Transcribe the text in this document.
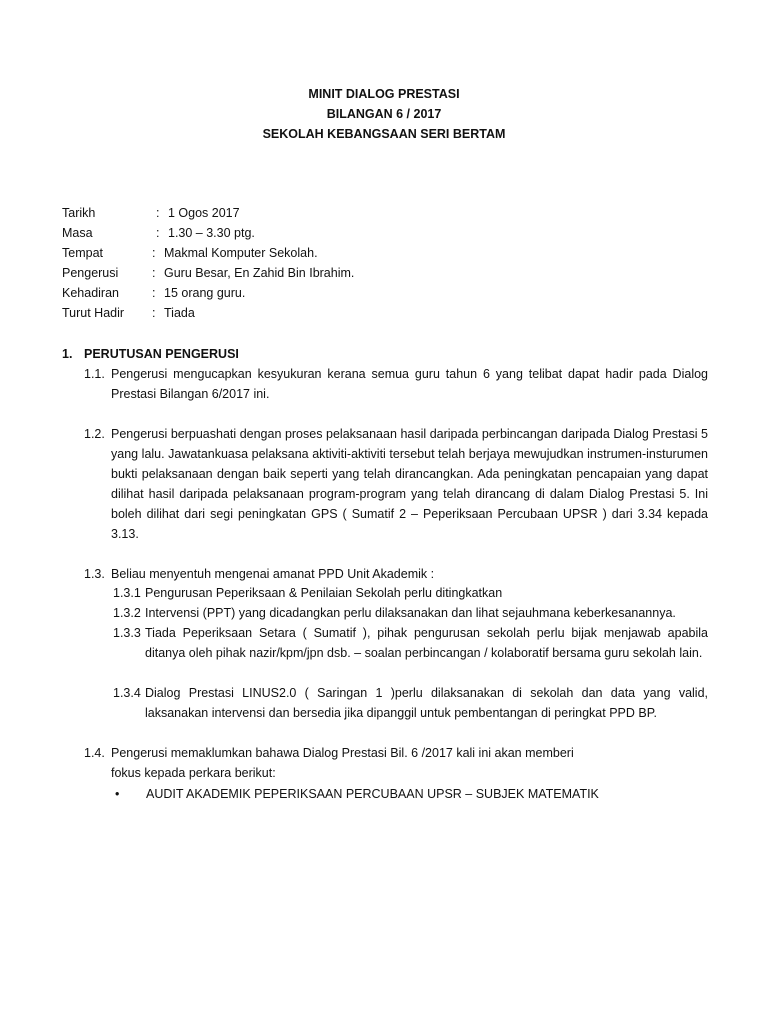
MINIT DIALOG PRESTASI
BILANGAN 6 / 2017
SEKOLAH KEBANGSAAN SERI BERTAM
Tarikh	: 1 Ogos 2017
Masa	: 1.30 – 3.30 ptg.
Tempat	: Makmal Komputer Sekolah.
Pengerusi	: Guru Besar, En Zahid Bin Ibrahim.
Kehadiran	: 15 orang guru.
Turut Hadir	: Tiada
1. PERUTUSAN PENGERUSI
1.1. Pengerusi mengucapkan kesyukuran kerana semua guru tahun 6 yang telibat dapat hadir pada Dialog Prestasi Bilangan 6/2017 ini.
1.2. Pengerusi berpuashati dengan proses pelaksanaan hasil daripada perbincangan daripada Dialog Prestasi 5 yang lalu. Jawatankuasa pelaksana aktiviti-aktiviti tersebut telah berjaya mewujudkan instrumen-insturumen bukti pelaksanaan dengan baik seperti yang telah dirancangkan. Ada peningkatan pencapaian yang dapat dilihat hasil daripada pelaksanaan program-program yang telah dirancang di dalam Dialog Prestasi 5. Ini boleh dilihat dari segi peningkatan GPS ( Sumatif 2 – Peperiksaan Percubaan UPSR ) dari 3.34 kepada 3.13.
1.3. Beliau menyentuh mengenai amanat PPD Unit Akademik :
1.3.1 Pengurusan Peperiksaan & Penilaian Sekolah perlu ditingkatkan
1.3.2 Intervensi (PPT) yang dicadangkan perlu dilaksanakan dan lihat sejauhmana keberkesanannya.
1.3.3 Tiada Peperiksaan Setara ( Sumatif ), pihak pengurusan sekolah perlu bijak menjawab apabila ditanya oleh pihak nazir/kpm/jpn dsb. – soalan perbincangan / kolaboratif bersama guru sekolah lain.
1.3.4 Dialog Prestasi LINUS2.0 ( Saringan 1 )perlu dilaksanakan di sekolah dan data yang valid, laksanakan intervensi dan bersedia jika dipanggil untuk pembentangan di peringkat PPD BP.
1.4. Pengerusi memaklumkan bahawa Dialog Prestasi Bil. 6 /2017 kali ini akan memberi fokus kepada perkara berikut:
• AUDIT AKADEMIK PEPERIKSAAN PERCUBAAN UPSR – SUBJEK MATEMATIK
